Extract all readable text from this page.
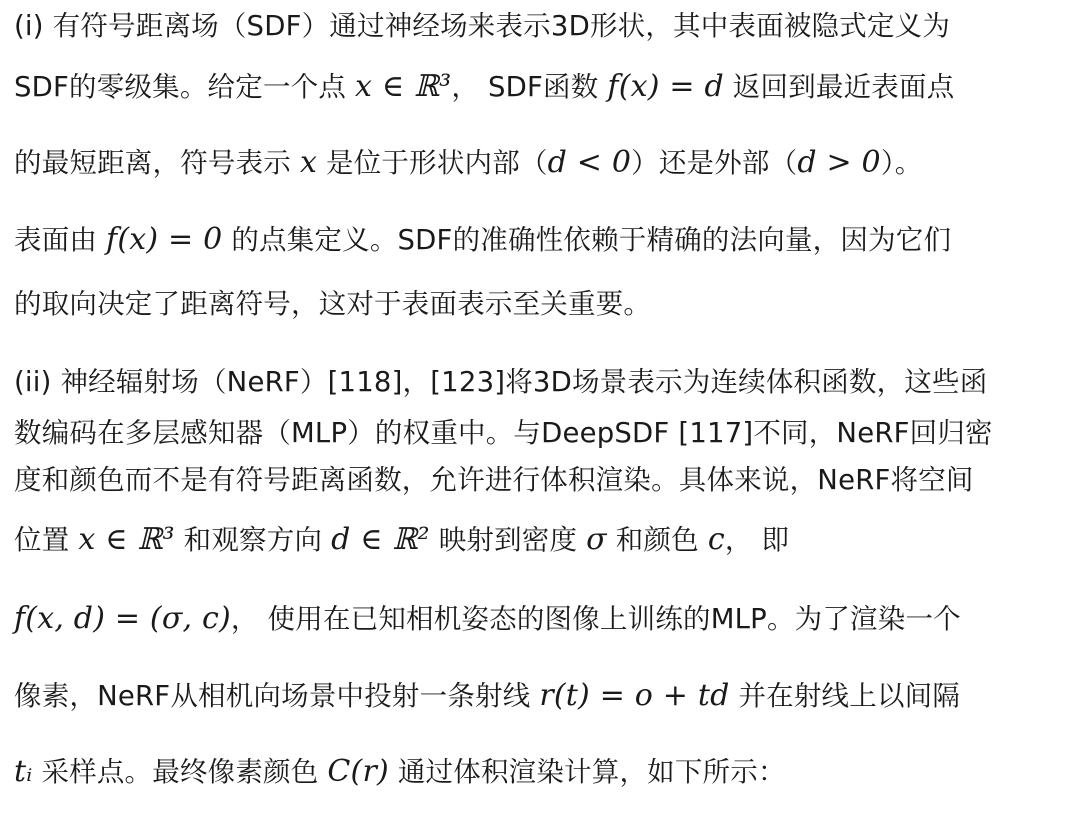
(i) 有符号距离场（SDF）通过神经场来表示3D形状，其中表面被隐式定义为
SDF的零级集。给定一个点 x ∈ ℝ³， SDF函数 f(x) = d 返回到最近表面点
的最短距离，符号表示 x 是位于形状内部（d < 0）还是外部（d > 0）。
表面由 f(x) = 0 的点集定义。SDF的准确性依赖于精确的法向量，因为它们
的取向决定了距离符号，这对于表面表示至关重要。
(ii) 神经辐射场（NeRF）[118]，[123]将3D场景表示为连续体积函数，这些函
数编码在多层感知器（MLP）的权重中。与DeepSDF [117]不同，NeRF回归密
度和颜色而不是有符号距离函数，允许进行体积渲染。具体来说，NeRF将空间
位置 x ∈ ℝ³ 和观察方向 d ∈ ℝ² 映射到密度 σ 和颜色 c， 即
f(x, d) = (σ, c)， 使用在已知相机姿态的图像上训练的MLP。为了渲染一个
像素，NeRF从相机向场景中投射一条射线 r(t) = o + td 并在射线上以间隔
tᵢ 采样点。最终像素颜色 C(r) 通过体积渲染计算，如下所示：
